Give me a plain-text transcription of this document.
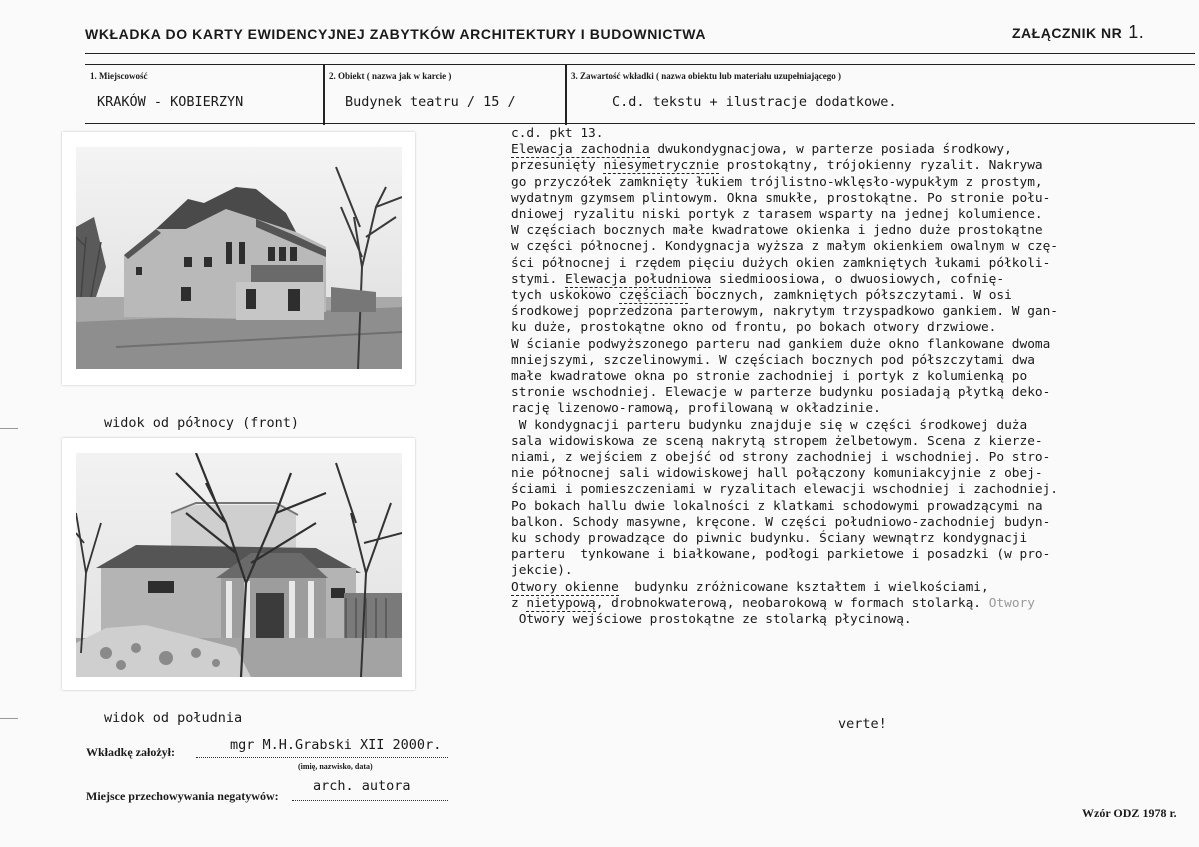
WKŁADKA DO KARTY EWIDENCYJNEJ ZABYTKÓW ARCHITEKTURY I BUDOWNICTWA	ZAŁĄCZNIK NR 1.
1. Miejscowość
KRAKÓW - KOBIERZYN
2. Obiekt ( nazwa jak w karcie )
Budynek teatru / 15 /
3. Zawartość wkładki ( nazwa obiektu lub materiału uzupełniającego )
C.d. tekstu + ilustracje dodatkowe.
widok od północy (front)
widok od południa
c.d. pkt 13.
Elewacja zachodnia dwukondygnacjowa, w parterze posiada środkowy,
przesunięty niesymetrycznie prostokątny, trójokienny ryzalit. Nakrywa
go przyczółek zamknięty łukiem trójlistno-wklęsło-wypukłym z prostym,
wydatnym gzymsem plintowym. Okna smukłe, prostokątne. Po stronie połu-
dniowej ryzalitu niski portyk z tarasem wsparty na jednej kolumience.
W częściach bocznych małe kwadratowe okienka i jedno duże prostokątne
w części północnej. Kondygnacja wyższa z małym okienkiem owalnym w czę-
ści północnej i rzędem pięciu dużych okien zamkniętych łukami półkoli-
stymi. Elewacja południowa siedmioosiowa, o dwuosiowych, cofnię-
tych uskokowo częściach bocznych, zamkniętych półszczytami. W osi
środkowej poprzedzona parterowym, nakrytym trzyspadkowo gankiem. W gan-
ku duże, prostokątne okno od frontu, po bokach otwory drzwiowe.
W ścianie podwyższonego parteru nad gankiem duże okno flankowane dwoma
mniejszymi, szczelinowymi. W częściach bocznych pod półszczytami dwa
małe kwadratowe okna po stronie zachodniej i portyk z kolumienką po
stronie wschodniej. Elewacje w parterze budynku posiadają płytką deko-
rację lizenowo-ramową, profilowaną w okładzinie.
W kondygnacji parteru budynku znajduje się w części środkowej duża
sala widowiskowa ze sceną nakrytą stropem żelbetowym. Scena z kierze-
niami, z wejściem z obejść od strony zachodniej i wschodniej. Po stro-
nie północnej sali widowiskowej hall połączony komuniakcyjnie z obej-
ściami i pomieszczeniami w ryzalitach elewacji wschodniej i zachodniej.
Po bokach hallu dwie lokalności z klatkami schodowymi prowadzącymi na
balkon. Schody masywne, kręcone. W części południowo-zachodniej budyn-
ku schody prowadzące do piwnic budynku. Ściany wewnątrz kondygnacji
parteru  tynkowane i białkowane, podłogi parkietowe i posadzki (w pro-
jekcie).
Otwory okienne  budynku zróżnicowane kształtem i wielkościami,
z nietypową, drobnokwaterową, neobarokową w formach stolarką. Otwory
Otwory wejściowe prostokątne ze stolarką płycinową.
verte!
Wkładkę założył:	mgr M.H.Grabski XII 2000r.
(imię, nazwisko, data)
Miejsce przechowywania negatywów:
arch. autora
Wzór ODZ 1978 r.
